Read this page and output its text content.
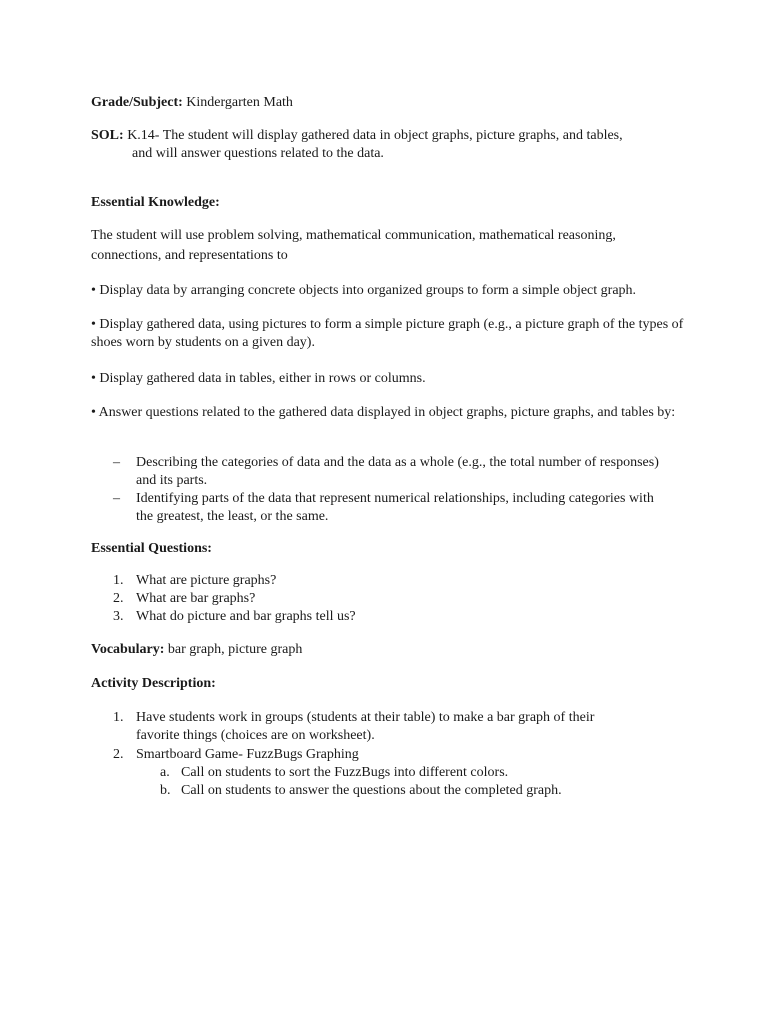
Grade/Subject: Kindergarten Math
SOL: K.14- The student will display gathered data in object graphs, picture graphs, and tables,
and will answer questions related to the data.
Essential Knowledge:
The student will use problem solving, mathematical communication, mathematical reasoning,
connections, and representations to
• Display data by arranging concrete objects into organized groups to form a simple object graph.
• Display gathered data, using pictures to form a simple picture graph (e.g., a picture graph of the types of shoes worn by students on a given day).
• Display gathered data in tables, either in rows or columns.
• Answer questions related to the gathered data displayed in object graphs, picture graphs, and tables by:
– Describing the categories of data and the data as a whole (e.g., the total number of responses) and its parts.
– Identifying parts of the data that represent numerical relationships, including categories with the greatest, the least, or the same.
Essential Questions:
1. What are picture graphs?
2. What are bar graphs?
3. What do picture and bar graphs tell us?
Vocabulary: bar graph, picture graph
Activity Description:
1. Have students work in groups (students at their table) to make a bar graph of their favorite things (choices are on worksheet).
2. Smartboard Game- FuzzBugs Graphing
a. Call on students to sort the FuzzBugs into different colors.
b. Call on students to answer the questions about the completed graph.
